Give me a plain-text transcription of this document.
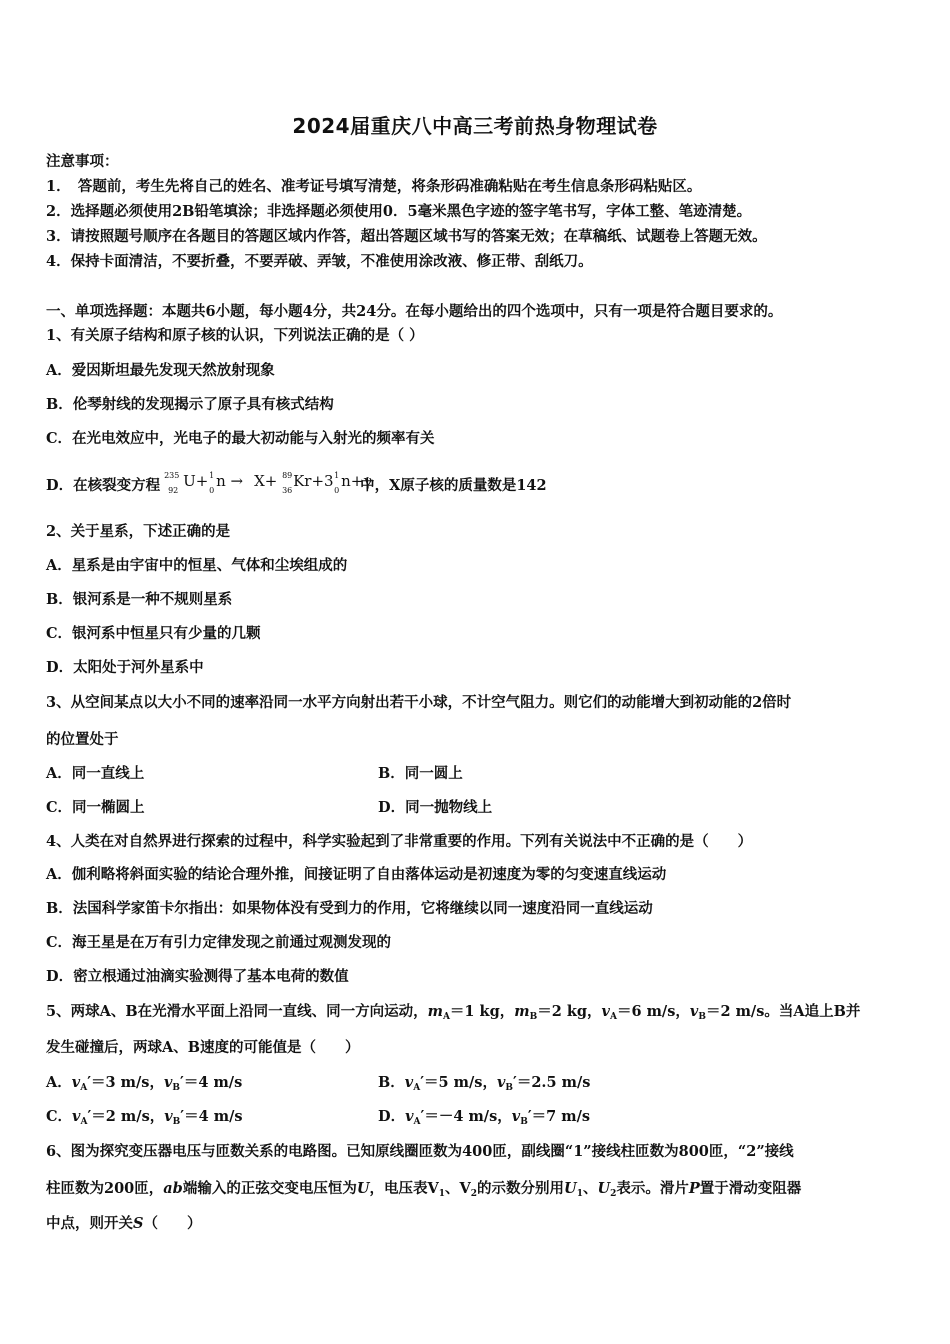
2024届重庆八中高三考前热身物理试卷
注意事项：
1．　答题前，考生先将自己的姓名、准考证号填写清楚，将条形码准确粘贴在考生信息条形码粘贴区。
2．选择题必须使用2B铅笔填涂；非选择题必须使用0．5毫米黑色字迹的签字笔书写，字体工整、笔迹清楚。
3．请按照题号顺序在各题目的答题区域内作答，超出答题区域书写的答案无效；在草稿纸、试题卷上答题无效。
4．保持卡面清洁，不要折叠，不要弄破、弄皱，不准使用涂改液、修正带、刮纸刀。
一、单项选择题：本题共6小题，每小题4分，共24分。在每小题给出的四个选项中，只有一项是符合题目要求的。
1、有关原子结构和原子核的认识，下列说法正确的是（ ）
A．爱因斯坦最先发现天然放射现象
B．伦琴射线的发现揭示了原子具有核式结构
C．在光电效应中，光电子的最大初动能与入射光的频率有关
D．在核裂变方程
235
92
U+ 1
0
n → X+ 89
36
Kr+3 1
0
n+γ
中，X原子核的质量数是142
2、关于星系，下述正确的是
A．星系是由宇宙中的恒星、气体和尘埃组成的
B．银河系是一种不规则星系
C．银河系中恒星只有少量的几颗
D．太阳处于河外星系中
3、从空间某点以大小不同的速率沿同一水平方向射出若干小球，不计空气阻力。则它们的动能增大到初动能的2倍时
的位置处于
A．同一直线上	B．同一圆上
C．同一椭圆上	D．同一抛物线上
4、人类在对自然界进行探索的过程中，科学实验起到了非常重要的作用。下列有关说法中不正确的是（　　）
A．伽利略将斜面实验的结论合理外推，间接证明了自由落体运动是初速度为零的匀变速直线运动
B．法国科学家笛卡尔指出：如果物体没有受到力的作用，它将继续以同一速度沿同一直线运动
C．海王星是在万有引力定律发现之前通过观测发现的
D．密立根通过油滴实验测得了基本电荷的数值
5、两球A、B在光滑水平面上沿同一直线、同一方向运动，$m_A=1$ kg，$m_B=2$ kg，$v_A=6$ m/s，$v_B=2$ m/s。当A追上B并
发生碰撞后，两球A、B速度的可能值是（　　）
A．$v_A'=3$ m/s，$v_B'=4$ m/s	B．$v_A'=5$ m/s，$v_B'=2.5$ m/s
C．$v_A'=2$ m/s，$v_B'=4$ m/s	D．$v_A'=-4$ m/s，$v_B'=7$ m/s
6、图为探究变压器电压与匝数关系的电路图。已知原线圈匝数为400匝，副线圈“1”接线柱匝数为800匝，“2”接线
柱匝数为200匝，ab端输入的正弦交变电压恒为U，电压表$V_1$、$V_2$的示数分别用$U_1$、$U_2$表示。滑片P置于滑动变阻器
中点，则开关S（　　）
